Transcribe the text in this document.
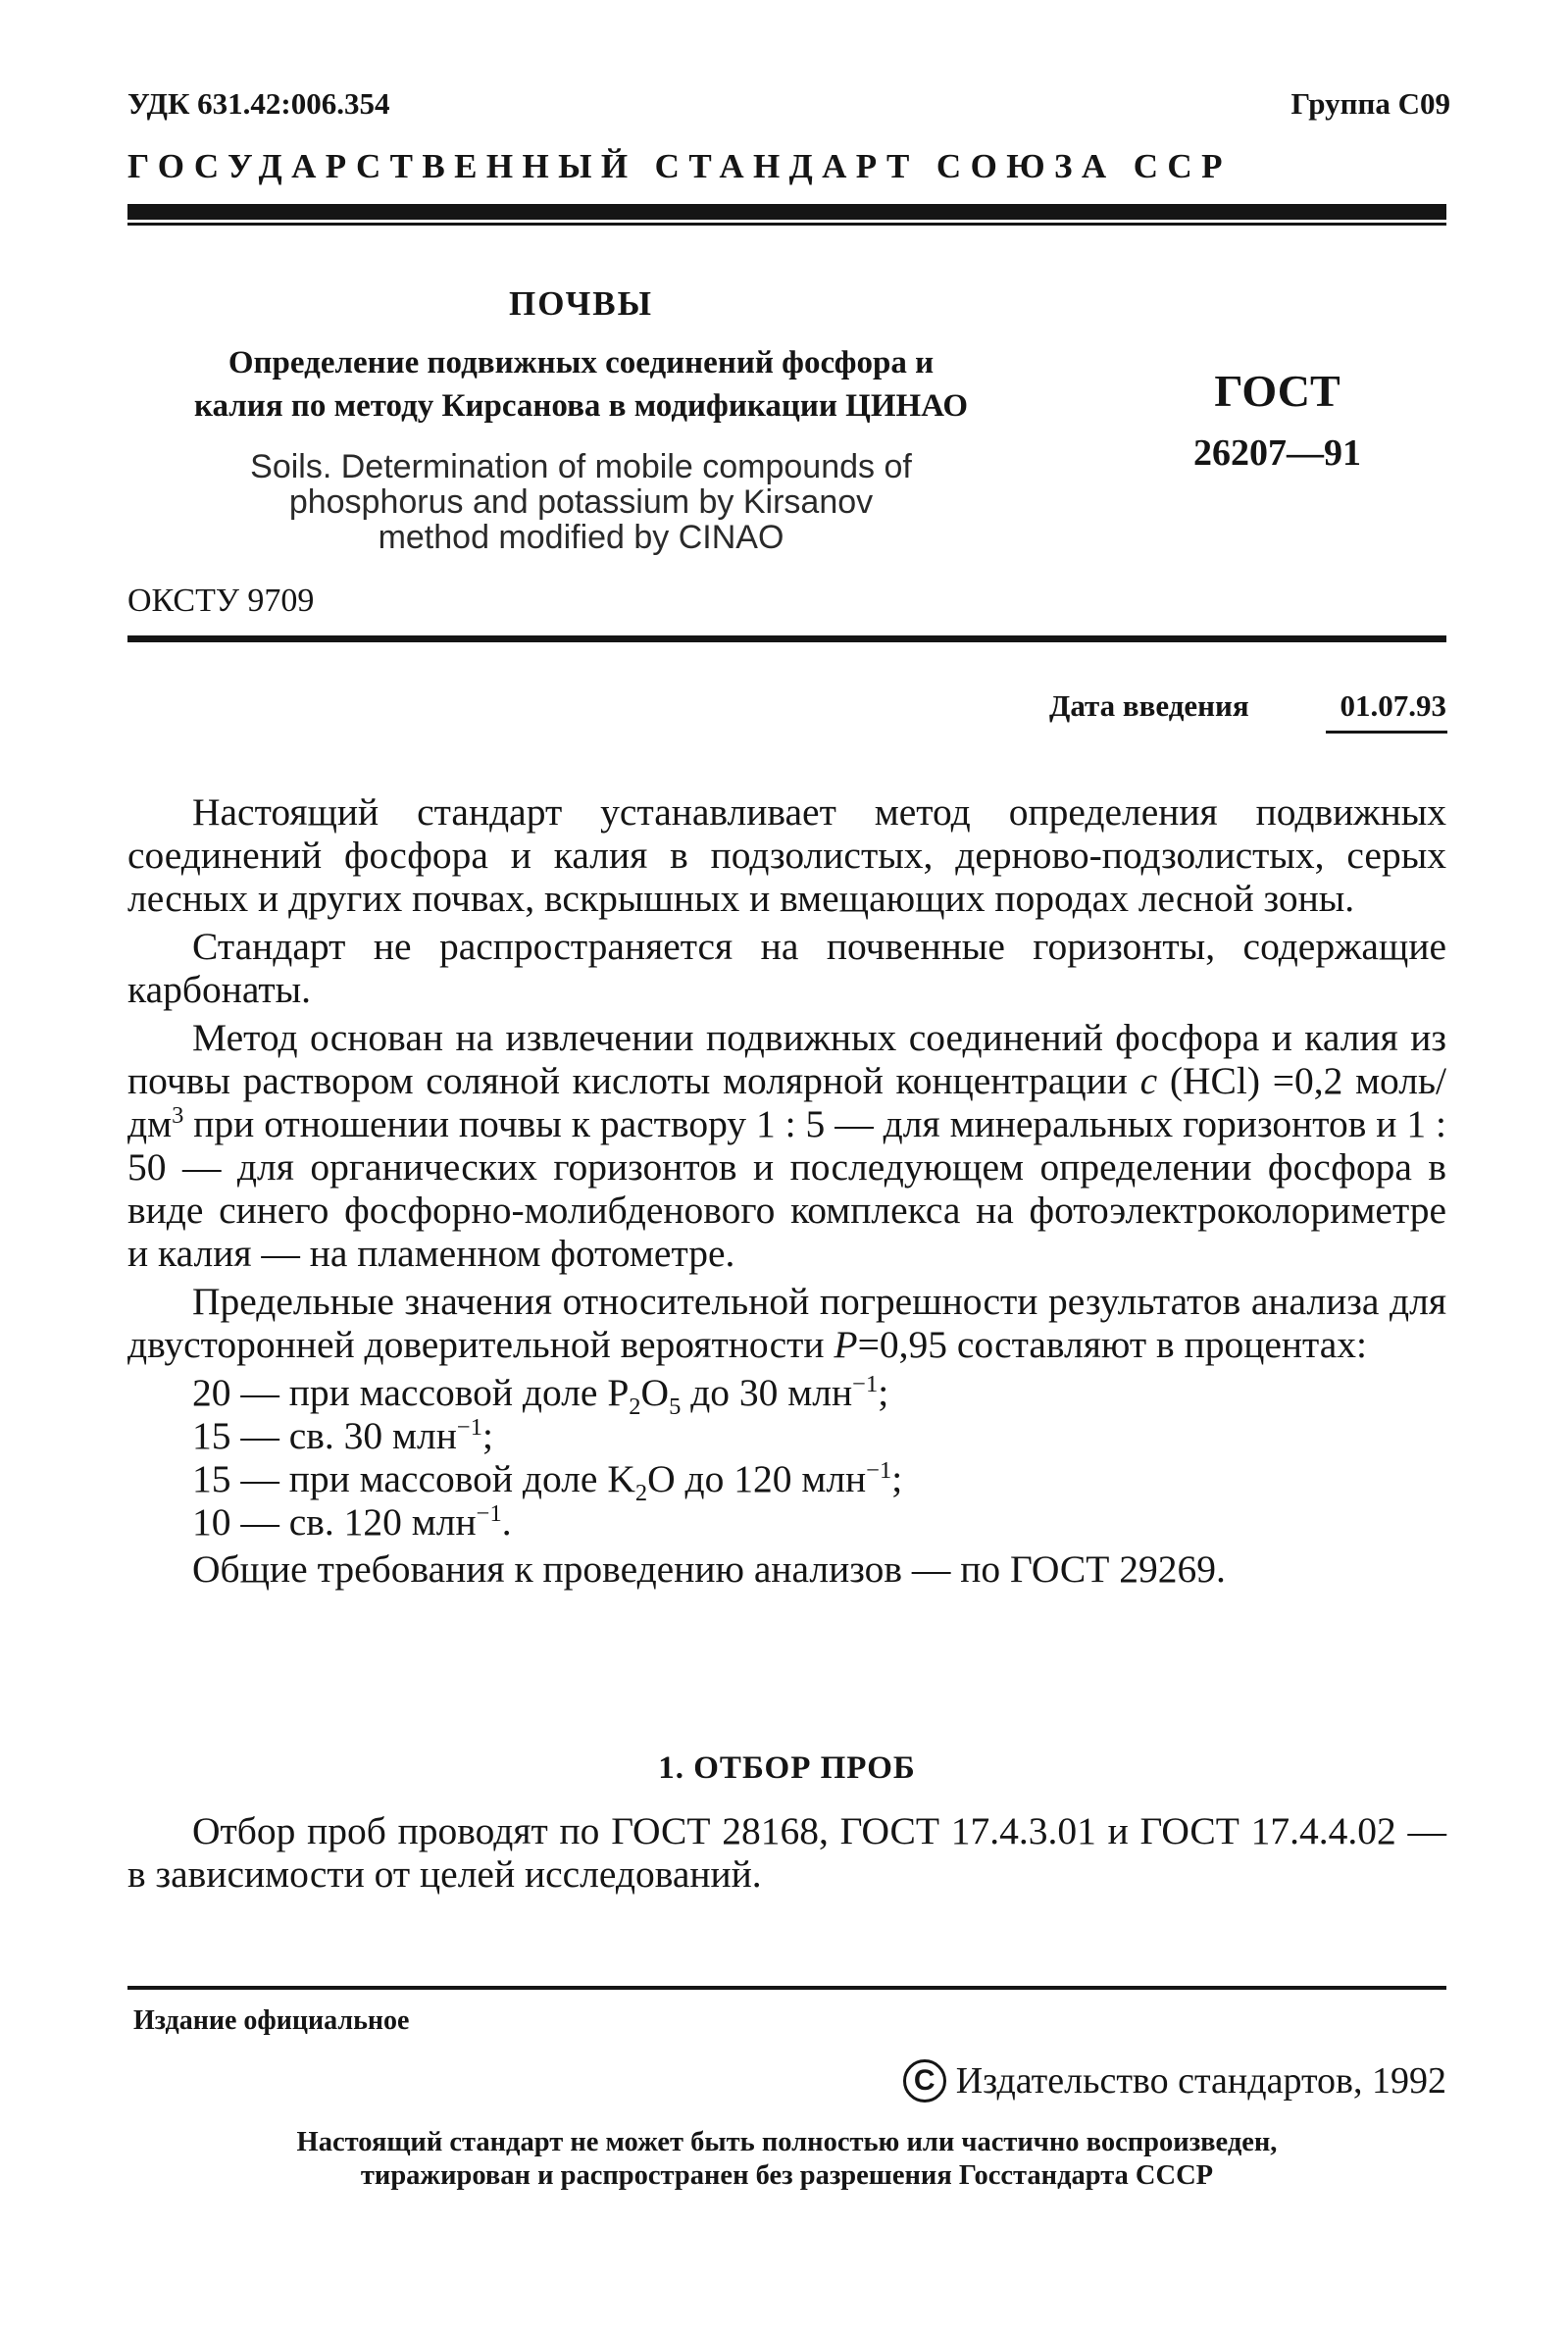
УДК 631.42:006.354	Группа С09
ГОСУДАРСТВЕННЫЙ СТАНДАРТ СОЮЗА ССР
ПОЧВЫ
Определение подвижных соединений фосфора и
калия по методу Кирсанова в модификации ЦИНАО
Soils. Determination of mobile compounds of
phosphorus and potassium by Kirsanov
method modified by CINAO
ГОСТ
26207—91
ОКСТУ 9709
Дата введения	01.07.93

Настоящий стандарт устанавливает метод определения подвижных соединений фосфора и калия в подзолистых, дерново-подзолистых, серых лесных и других почвах, вскрышных и вмещающих породах лесной зоны.

Стандарт не распространяется на почвенные горизонты, содержащие карбонаты.

Метод основан на извлечении подвижных соединений фосфора и калия из почвы раствором соляной кислоты молярной концентрации c (HCl) =0,2 моль/$дм^3$ при отношении почвы к раствору 1 : 5 — для минеральных горизонтов и 1 : 50 — для органических горизонтов и последующем определении фосфора в виде синего фосфорно-молибденового комплекса на фотоэлектроколориметре и калия — на пламенном фотометре.

Предельные значения относительной погрешности результатов анализа для двусторонней доверительной вероятности P=0,95 составляют в процентах:

20 — при массовой доле $P_2O_5$ до 30 млн$^{-1}$;

15 — св. 30 млн$^{-1}$;

15 — при массовой доле $K_2O$ до 120 млн$^{-1}$;

10 — св. 120 млн$^{-1}$.

Общие требования к проведению анализов — по ГОСТ 29269.

1. ОТБОР ПРОБ

Отбор проб проводят по ГОСТ 28168, ГОСТ 17.4.3.01 и ГОСТ 17.4.4.02 — в зависимости от целей исследований.

Издание официальное
С Издательство стандартов, 1992
Настоящий стандарт не может быть полностью или частично воспроизведен,
тиражирован и распространен без разрешения Госстандарта СССР
